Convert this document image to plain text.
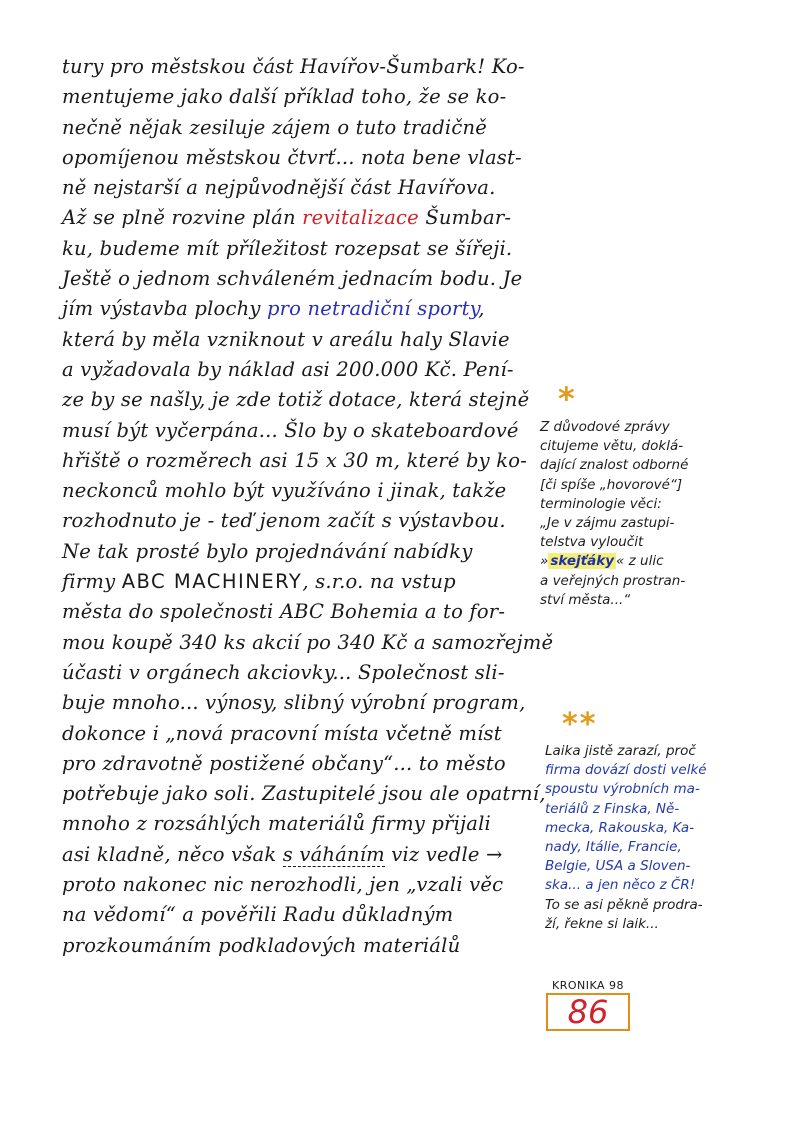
tury pro městskou část Havířov-Šumbark! Ko-
mentujeme jako další příklad toho, že se ko-
nečně nějak zesiluje zájem o tuto tradičně
opomíjenou městskou čtvrť... nota bene vlast-
ně nejstarší a nejpůvodnější část Havířova.
Až se plně rozvine plán revitalizace Šumbar-
ku, budeme mít příležitost rozepsat se šířeji.
Ještě o jednom schváleném jednacím bodu. Je
jím výstavba plochy pro netradiční sporty,
která by měla vzniknout v areálu haly Slavie
a vyžadovala by náklad asi 200.000 Kč. Pení-
ze by se našly, je zde totiž dotace, která stejně
musí být vyčerpána... Šlo by o skateboardové
hřiště o rozměrech asi 15 x 30 m, které by ko-
neckonců mohlo být využíváno i jinak, takže
rozhodnuto je - teď jenom začít s výstavbou.
Ne tak prosté bylo projednávání nabídky
firmy ABC MACHINERY, s.r.o. na vstup
města do společnosti ABC Bohemia a to for-
mou koupě 340 ks akcií po 340 Kč a samozřejmě
účasti v orgánech akciovky... Společnost sli-
buje mnoho... výnosy, slibný výrobní program,
dokonce i „nová pracovní místa včetně míst
pro zdravotně postižené občany“... to město
potřebuje jako soli. Zastupitelé jsou ale opatrní,
mnoho z rozsáhlých materiálů firmy přijali
asi kladně, něco však s váháním viz vedle →
proto nakonec nic nerozhodli, jen „vzali věc
na vědomí“ a pověřili Radu důkladným
prozkoumáním podkladových materiálů
*
Z důvodové zprávy
citujeme větu, doklá-
dající znalost odborné
[či spíše „hovorové“]
terminologie věci:
„Je v zájmu zastupi-
telstva vyloučit
» skejťáky « z ulic
a veřejných prostran-
ství města...“
**
Laika jistě zarazí, proč
firma dovází dosti velké
spoustu výrobních ma-
teriálů z Finska, Ně-
mecka, Rakouska, Ka-
nady, Itálie, Francie,
Belgie, USA a Sloven-
ska... a jen něco z ČR!
To se asi pěkně prodra-
ží, řekne si laik...
KRONIKA 98
86
